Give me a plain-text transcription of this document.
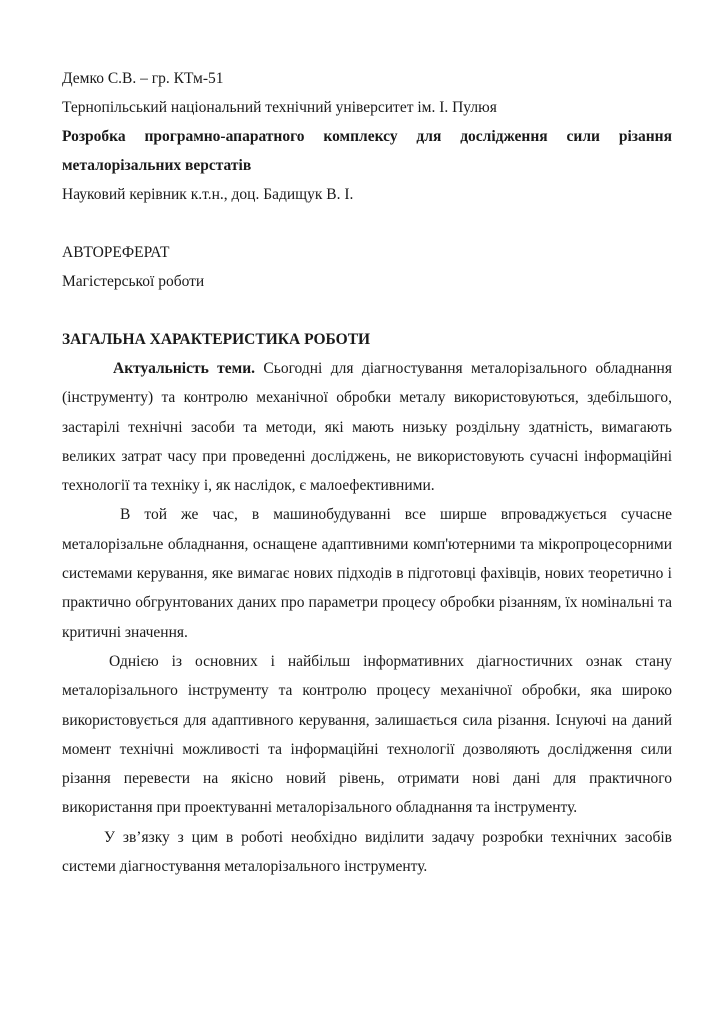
Демко С.В. – гр. КТм-51

Тернопільський національний технічний університет ім. І. Пулюя

Розробка програмно-апаратного комплексу для дослідження сили різання металорізальних верстатів

Науковий керівник к.т.н., доц. Бадищук В. І.

АВТОРЕФЕРАТ

Магістерської роботи

ЗАГАЛЬНА ХАРАКТЕРИСТИКА РОБОТИ

Актуальність теми. Сьогодні для діагностування металорізального обладнання (інструменту) та контролю механічної обробки металу використовуються, здебільшого, застарілі технічні засоби та методи, які мають низьку роздільну здатність, вимагають великих затрат часу при проведенні досліджень, не використовують сучасні інформаційні технології та техніку і, як наслідок, є малоефективними.

В той же час, в машинобудуванні все ширше впроваджується сучасне металорізальне обладнання, оснащене адаптивними комп'ютерними та мікропроцесорними системами керування, яке вимагає нових підходів в підготовці фахівців, нових теоретично і практично обгрунтованих даних про параметри процесу обробки різанням, їх номінальні та критичні значення.

Однією із основних і найбільш інформативних діагностичних ознак стану металорізального інструменту та контролю процесу механічної обробки, яка широко використовується для адаптивного керування, залишається сила різання. Існуючі на даний момент технічні можливості та інформаційні технології дозволяють дослідження сили різання перевести на якісно новий рівень, отримати нові дані для практичного використання при проектуванні металорізального обладнання та інструменту.

У зв’язку з цим в роботі необхідно виділити задачу розробки технічних засобів системи діагностування металорізального інструменту.
